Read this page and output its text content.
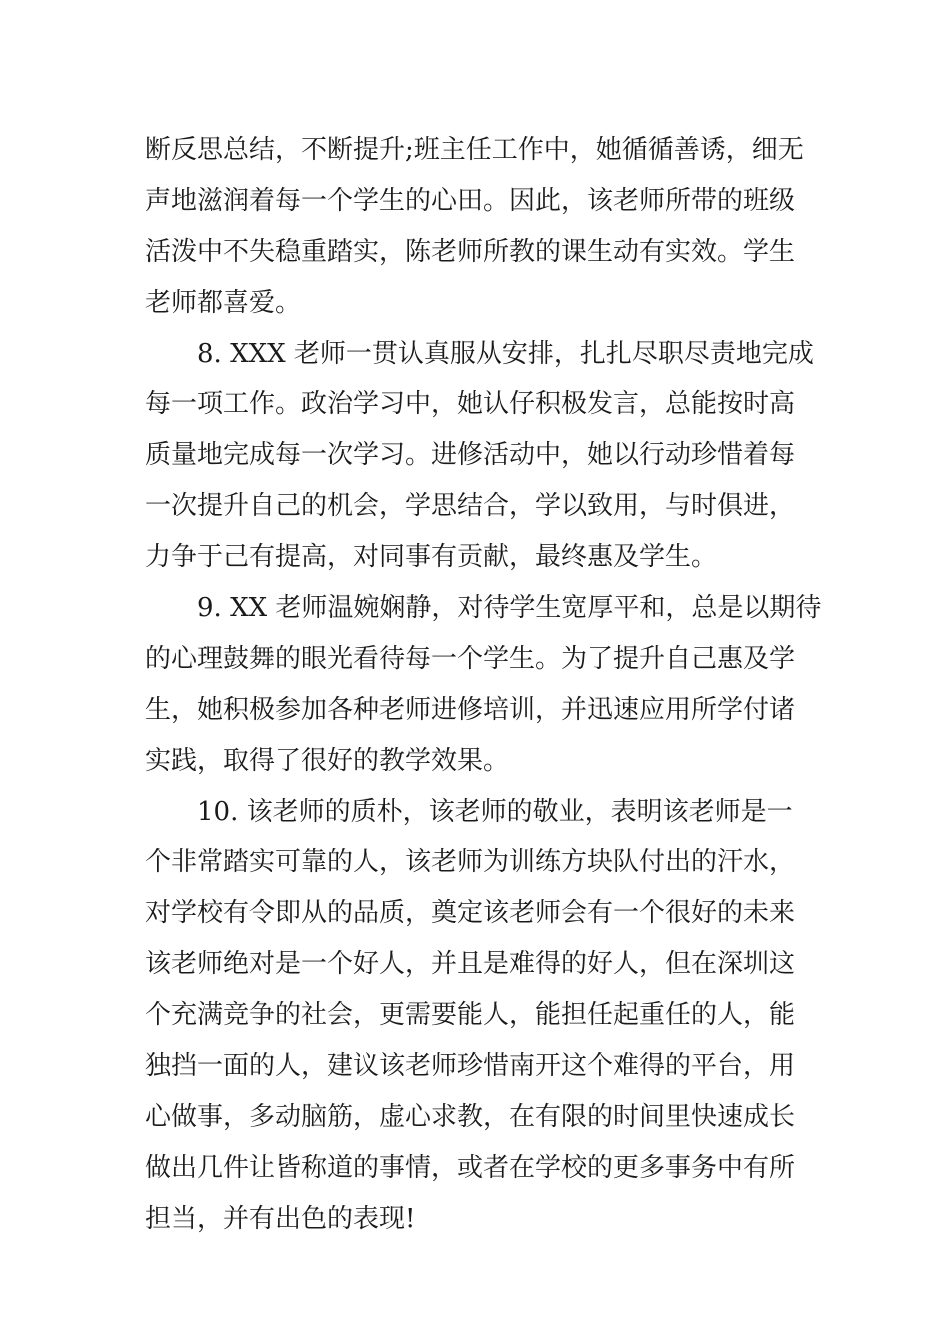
断反思总结，不断提升;班主任工作中，她循循善诱，细无
声地滋润着每一个学生的心田。因此，该老师所带的班级
活泼中不失稳重踏实，陈老师所教的课生动有实效。学生
老师都喜爱。
8. XXX 老师一贯认真服从安排，扎扎尽职尽责地完成
每一项工作。政治学习中，她认仔积极发言，总能按时高
质量地完成每一次学习。进修活动中，她以行动珍惜着每
一次提升自己的机会，学思结合，学以致用，与时俱进，
力争于己有提高，对同事有贡献，最终惠及学生。
9. XX 老师温婉娴静，对待学生宽厚平和，总是以期待
的心理鼓舞的眼光看待每一个学生。为了提升自己惠及学
生，她积极参加各种老师进修培训，并迅速应用所学付诸
实践，取得了很好的教学效果。
10. 该老师的质朴，该老师的敬业，表明该老师是一
个非常踏实可靠的人，该老师为训练方块队付出的汗水，
对学校有令即从的品质，奠定该老师会有一个很好的未来
该老师绝对是一个好人，并且是难得的好人，但在深圳这
个充满竞争的社会，更需要能人，能担任起重任的人，能
独挡一面的人，建议该老师珍惜南开这个难得的平台，用
心做事，多动脑筋，虚心求教，在有限的时间里快速成长
做出几件让皆称道的事情，或者在学校的更多事务中有所
担当，并有出色的表现!
